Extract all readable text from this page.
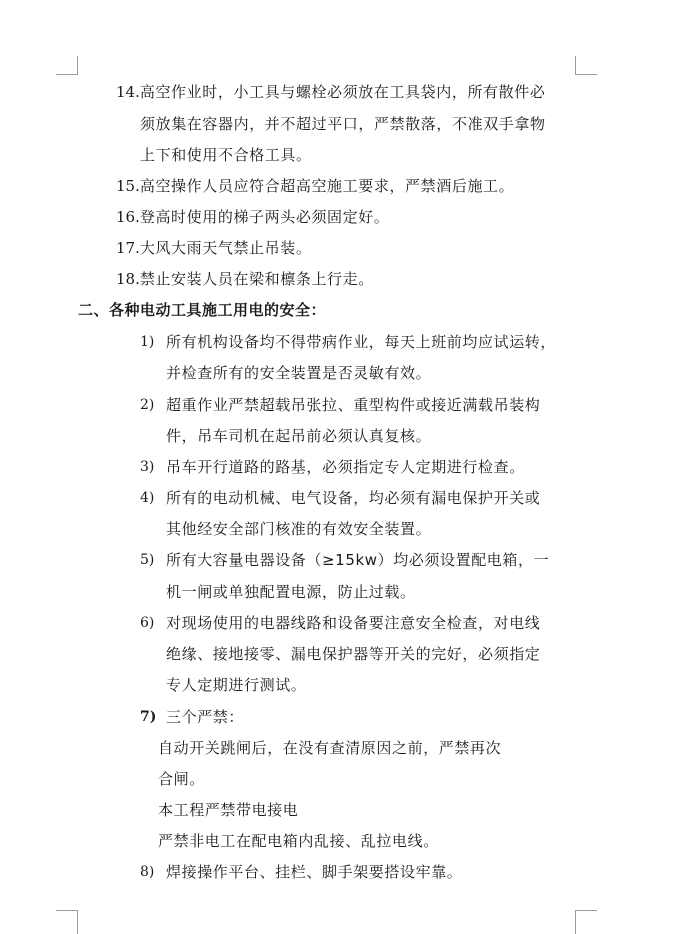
14.高空作业时，小工具与螺栓必须放在工具袋内，所有散件必
须放集在容器内，并不超过平口，严禁散落，不准双手拿物
上下和使用不合格工具。
15.高空操作人员应符合超高空施工要求，严禁酒后施工。
16.登高时使用的梯子两头必须固定好。
17.大风大雨天气禁止吊装。
18.禁止安装人员在梁和檩条上行走。
二、各种电动工具施工用电的安全：
1) 所有机构设备均不得带病作业，每天上班前均应试运转，
并检查所有的安全装置是否灵敏有效。
2) 超重作业严禁超载吊张拉、重型构件或接近满载吊装构
件，吊车司机在起吊前必须认真复核。
3) 吊车开行道路的路基，必须指定专人定期进行检查。
4) 所有的电动机械、电气设备，均必须有漏电保护开关或
其他经安全部门核准的有效安全装置。
5) 所有大容量电器设备（≥15kw）均必须设置配电箱，一
机一闸或单独配置电源，防止过载。
6) 对现场使用的电器线路和设备要注意安全检查，对电线
绝缘、接地接零、漏电保护器等开关的完好，必须指定
专人定期进行测试。
7) 三个严禁：
自动开关跳闸后，在没有查清原因之前，严禁再次
合闸。
本工程严禁带电接电
严禁非电工在配电箱内乱接、乱拉电线。
8) 焊接操作平台、挂栏、脚手架要搭设牢靠。
